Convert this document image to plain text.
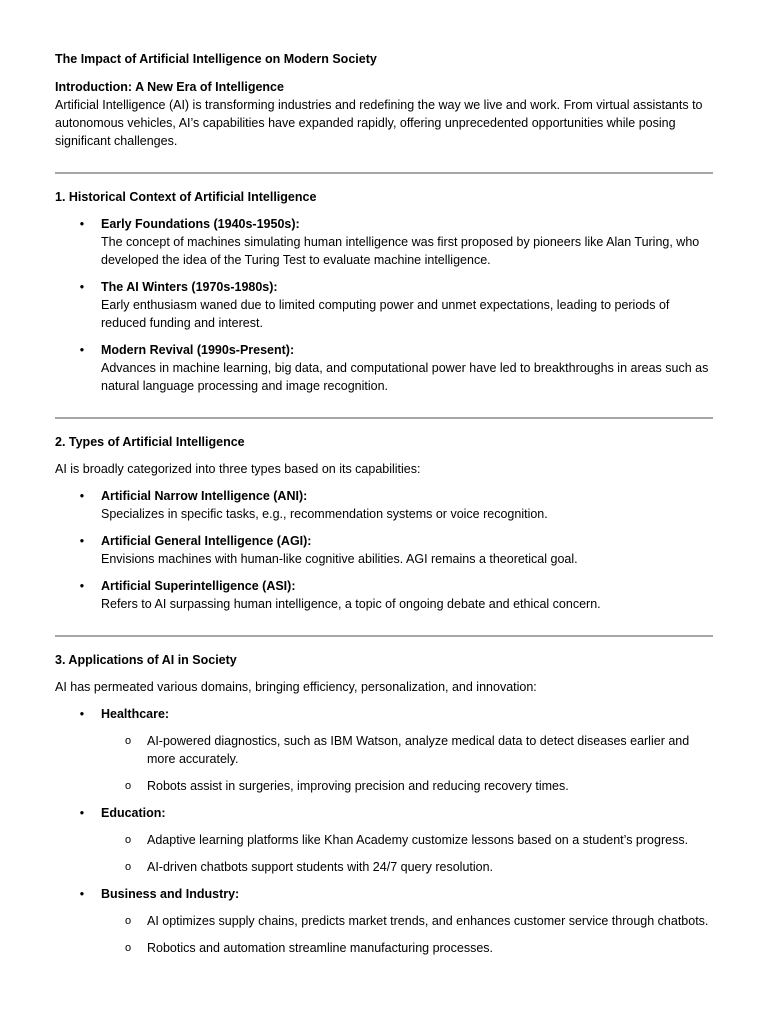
The Impact of Artificial Intelligence on Modern Society

Introduction: A New Era of Intelligence

Artificial Intelligence (AI) is transforming industries and redefining the way we live and work. From virtual assistants to autonomous vehicles, AI’s capabilities have expanded rapidly, offering unprecedented opportunities while posing significant challenges.

1. Historical Context of Artificial Intelligence

• Early Foundations (1940s-1950s):
The concept of machines simulating human intelligence was first proposed by pioneers like Alan Turing, who developed the idea of the Turing Test to evaluate machine intelligence.
• The AI Winters (1970s-1980s):
Early enthusiasm waned due to limited computing power and unmet expectations, leading to periods of reduced funding and interest.
• Modern Revival (1990s-Present):
Advances in machine learning, big data, and computational power have led to breakthroughs in areas such as natural language processing and image recognition.

2. Types of Artificial Intelligence

AI is broadly categorized into three types based on its capabilities:

• Artificial Narrow Intelligence (ANI):
Specializes in specific tasks, e.g., recommendation systems or voice recognition.
• Artificial General Intelligence (AGI):
Envisions machines with human-like cognitive abilities. AGI remains a theoretical goal.
• Artificial Superintelligence (ASI):
Refers to AI surpassing human intelligence, a topic of ongoing debate and ethical concern.

3. Applications of AI in Society

AI has permeated various domains, bringing efficiency, personalization, and innovation:

• Healthcare:
o AI-powered diagnostics, such as IBM Watson, analyze medical data to detect diseases earlier and more accurately.
o Robots assist in surgeries, improving precision and reducing recovery times.
• Education:
o Adaptive learning platforms like Khan Academy customize lessons based on a student’s progress.
o AI-driven chatbots support students with 24/7 query resolution.
• Business and Industry:
o AI optimizes supply chains, predicts market trends, and enhances customer service through chatbots.
o Robotics and automation streamline manufacturing processes.
